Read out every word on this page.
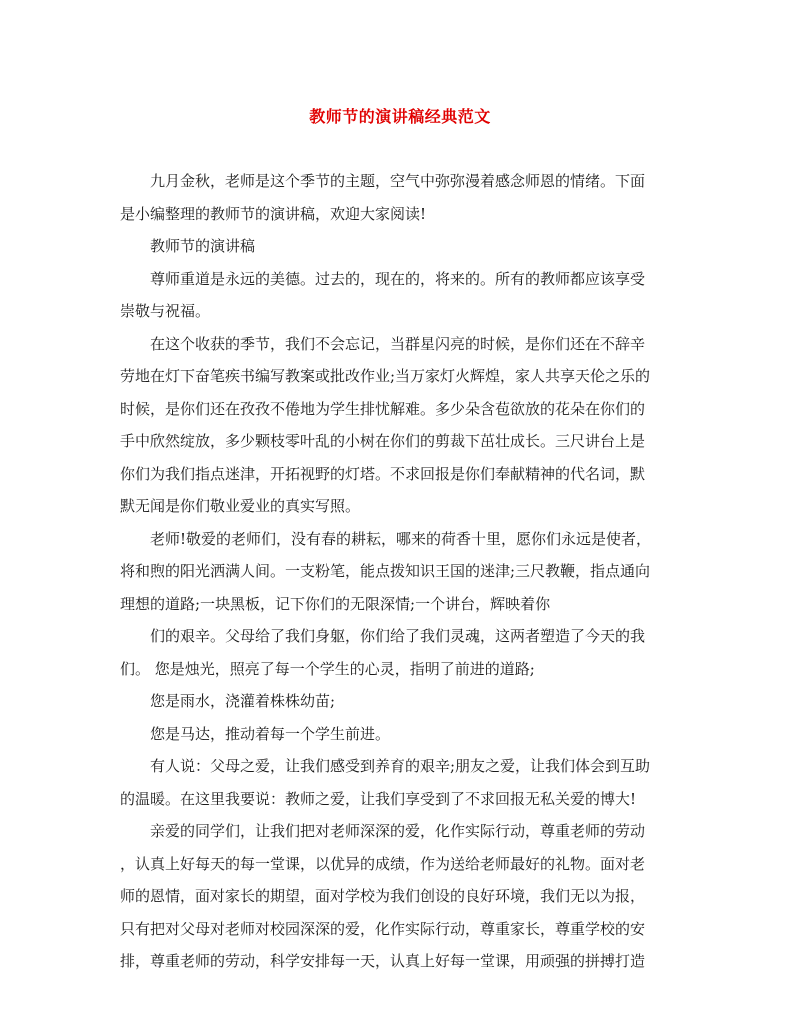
教师节的演讲稿经典范文
九月金秋，老师是这个季节的主题，空气中弥弥漫着感念师恩的情绪。下面
是小编整理的教师节的演讲稿，欢迎大家阅读!
教师节的演讲稿
尊师重道是永远的美德。过去的，现在的，将来的。所有的教师都应该享受
崇敬与祝福。
在这个收获的季节，我们不会忘记，当群星闪亮的时候，是你们还在不辞辛
劳地在灯下奋笔疾书编写教案或批改作业;当万家灯火辉煌，家人共享天伦之乐的
时候，是你们还在孜孜不倦地为学生排忧解难。多少朵含苞欲放的花朵在你们的
手中欣然绽放，多少颗枝零叶乱的小树在你们的剪裁下茁壮成长。三尺讲台上是
你们为我们指点迷津，开拓视野的灯塔。不求回报是你们奉献精神的代名词，默
默无闻是你们敬业爱业的真实写照。
老师!敬爱的老师们，没有春的耕耘，哪来的荷香十里，愿你们永远是使者，
将和煦的阳光洒满人间。一支粉笔，能点拨知识王国的迷津;三尺教鞭，指点通向
理想的道路;一块黑板，记下你们的无限深情;一个讲台，辉映着你
们的艰辛。父母给了我们身躯，你们给了我们灵魂，这两者塑造了今天的我
们。 您是烛光，照亮了每一个学生的心灵，指明了前进的道路;
您是雨水，浇灌着株株幼苗;
您是马达，推动着每一个学生前进。
有人说：父母之爱，让我们感受到养育的艰辛;朋友之爱，让我们体会到互助
的温暖。在这里我要说：教师之爱，让我们享受到了不求回报无私关爱的博大!
亲爱的同学们，让我们把对老师深深的爱，化作实际行动，尊重老师的劳动
，认真上好每天的每一堂课，以优异的成绩，作为送给老师最好的礼物。面对老
师的恩情，面对家长的期望，面对学校为我们创设的良好环境，我们无以为报，
只有把对父母对老师对校园深深的爱，化作实际行动，尊重家长，尊重学校的安
排，尊重老师的劳动，科学安排每一天，认真上好每一堂课，用顽强的拼搏打造
